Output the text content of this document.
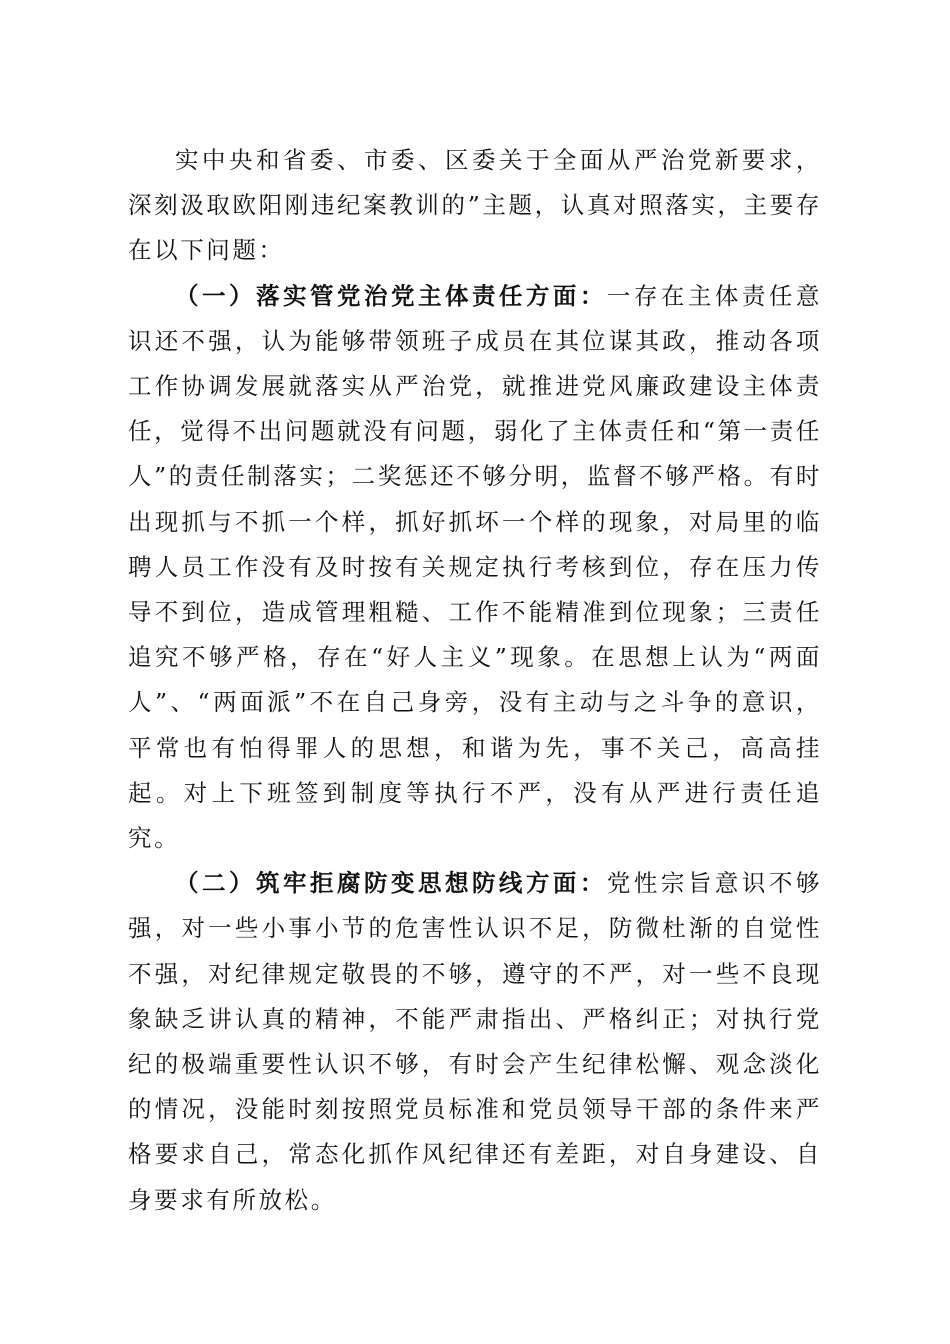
实中央和省委、市委、区委关于全面从严治党新要求，深刻汲取欧阳刚违纪案教训的”主题，认真对照落实，主要存在以下问题：

（一）落实管党治党主体责任方面：一存在主体责任意识还不强，认为能够带领班子成员在其位谋其政，推动各项工作协调发展就落实从严治党，就推进党风廉政建设主体责任，觉得不出问题就没有问题，弱化了主体责任和“第一责任人”的责任制落实；二奖惩还不够分明，监督不够严格。有时出现抓与不抓一个样，抓好抓坏一个样的现象，对局里的临聘人员工作没有及时按有关规定执行考核到位，存在压力传导不到位，造成管理粗糙、工作不能精准到位现象；三责任追究不够严格，存在“好人主义”现象。在思想上认为“两面人”、“两面派”不在自己身旁，没有主动与之斗争的意识，平常也有怕得罪人的思想，和谐为先，事不关己，高高挂起。对上下班签到制度等执行不严，没有从严进行责任追究。

（二）筑牢拒腐防变思想防线方面：党性宗旨意识不够强，对一些小事小节的危害性认识不足，防微杜渐的自觉性不强，对纪律规定敬畏的不够，遵守的不严，对一些不良现象缺乏讲认真的精神，不能严肃指出、严格纠正；对执行党纪的极端重要性认识不够，有时会产生纪律松懈、观念淡化的情况，没能时刻按照党员标准和党员领导干部的条件来严格要求自己，常态化抓作风纪律还有差距，对自身建设、自身要求有所放松。
